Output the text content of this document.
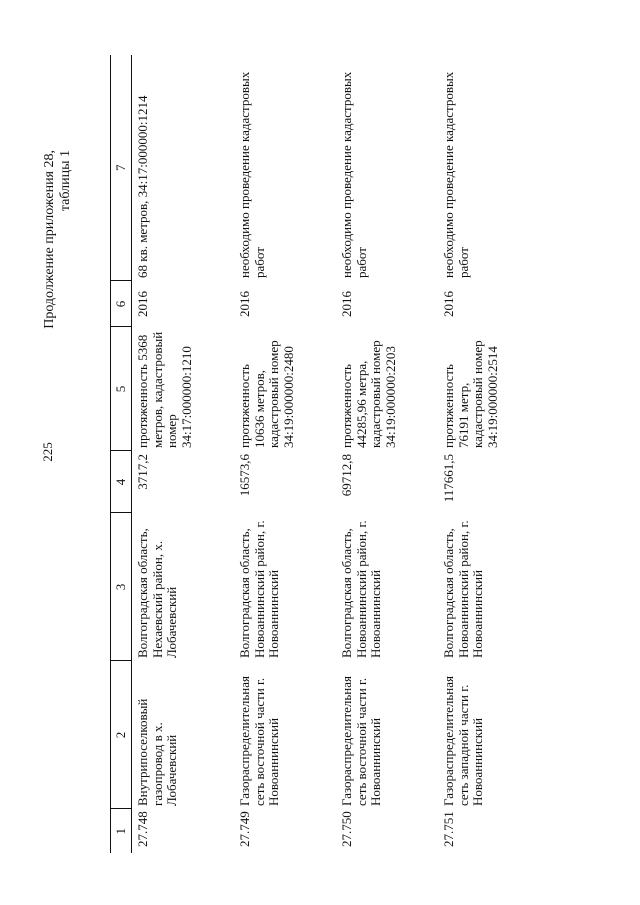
225
Продолжение приложения 28, таблицы 1
1	2	3	4	5	6	7
27.748	Внутрипоселковый газопровод в х. Лобачевский	Волгоградская область, Нехаевский район, х. Лобачевский	3717,2	протяженность 5368 метров, кадастровый номер 34:17:000000:1210	2016	68 кв. метров, 34:17:000000:1214
27.749	Газораспределительная сеть восточной части г. Новоаннинский	Волгоградская область, Новоаннинский район, г. Новоаннинский	16573,6	протяженность 10636 метров, кадастровый номер 34:19:000000:2480	2016	необходимо проведение кадастровых работ
27.750	Газораспределительная сеть восточной части г. Новоаннинский	Волгоградская область, Новоаннинский район, г. Новоаннинский	69712,8	протяженность 44285,96 метра, кадастровый номер 34:19:000000:2203	2016	необходимо проведение кадастровых работ
27.751	Газораспределительная сеть западной части г. Новоаннинский	Волгоградская область, Новоаннинский район, г. Новоаннинский	117661,5	протяженность 76191 метр, кадастровый номер 34:19:000000:2514	2016	необходимо проведение кадастровых работ
